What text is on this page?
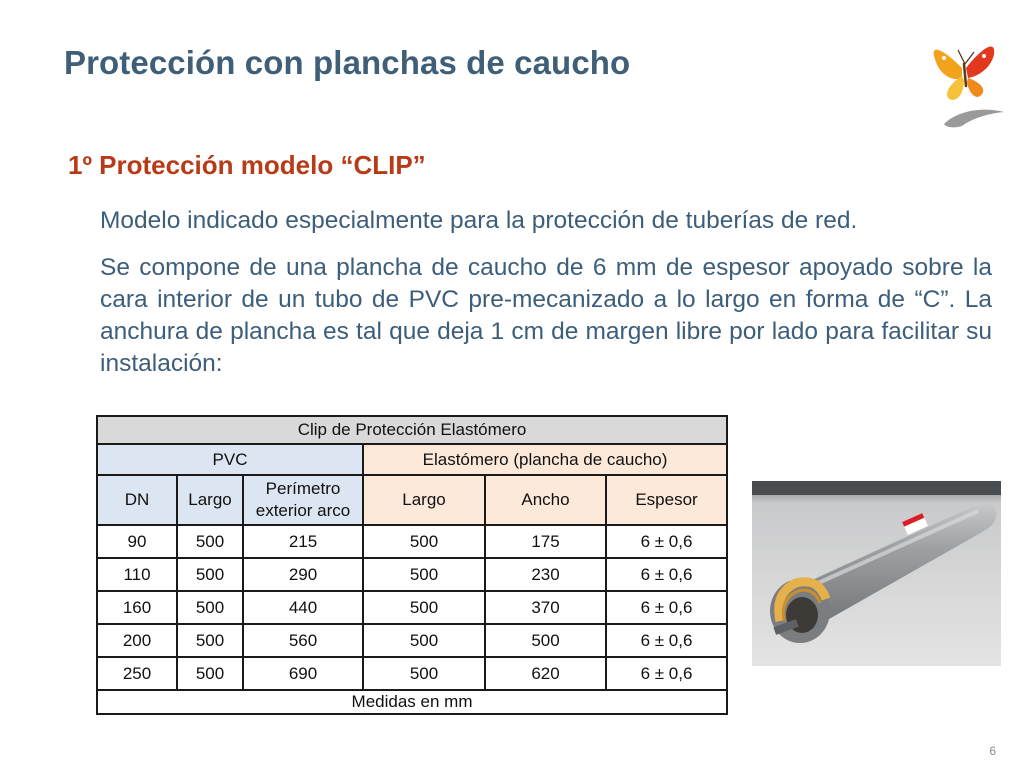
Protección con planchas de caucho
1º Protección modelo “CLIP”

Modelo indicado especialmente para la protección de tuberías de red.

Se compone de una plancha de caucho de 6 mm de espesor apoyado sobre la cara interior de un tubo de PVC pre-mecanizado a lo largo en forma de “C”. La anchura de plancha es tal que deja 1 cm de margen libre por lado para facilitar su instalación:

Clip de Protección Elastómero					
PVC			Elastómero (plancha de caucho)		
DN	Largo	Perímetro exterior arco	Largo	Ancho	Espesor
90	500	215	500	175	6 ± 0,6
110	500	290	500	230	6 ± 0,6
160	500	440	500	370	6 ± 0,6
200	500	560	500	500	6 ± 0,6
250	500	690	500	620	6 ± 0,6
Medidas en mm					
6
